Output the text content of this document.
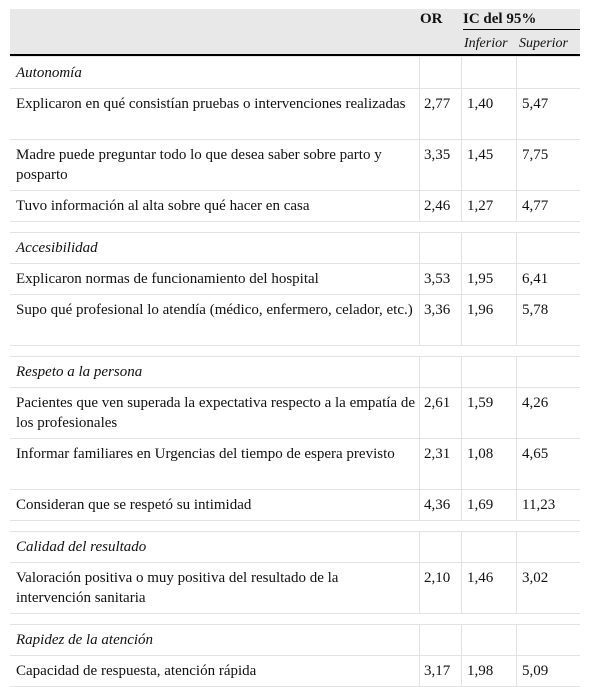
OR IC del 95%
Inferior Superior
Autonomía
Explicaron en qué consistían pruebas o intervenciones realizadas	2,77 1,40 5,47
Madre puede preguntar todo lo que desea saber sobre parto y posparto
3,35 1,45 7,75
Tuvo información al alta sobre qué hacer en casa	2,46 1,27 4,77
Accesibilidad
Explicaron normas de funcionamiento del hospital	3,53 1,95 6,41
Supo qué profesional lo atendía (médico, enfermero, celador, etc.) 3,36 1,96 5,78
Respeto a la persona
Pacientes que ven superada la expectativa respecto a la empatía de los profesionales
2,61 1,59 4,26
Informar familiares en Urgencias del tiempo de espera previsto	2,31 1,08 4,65
Consideran que se respetó su intimidad	4,36 1,69 11,23
Calidad del resultado
Valoración positiva o muy positiva del resultado de la intervención sanitaria
2,10 1,46 3,02
Rapidez de la atención
Capacidad de respuesta, atención rápida	3,17 1,98 5,09
